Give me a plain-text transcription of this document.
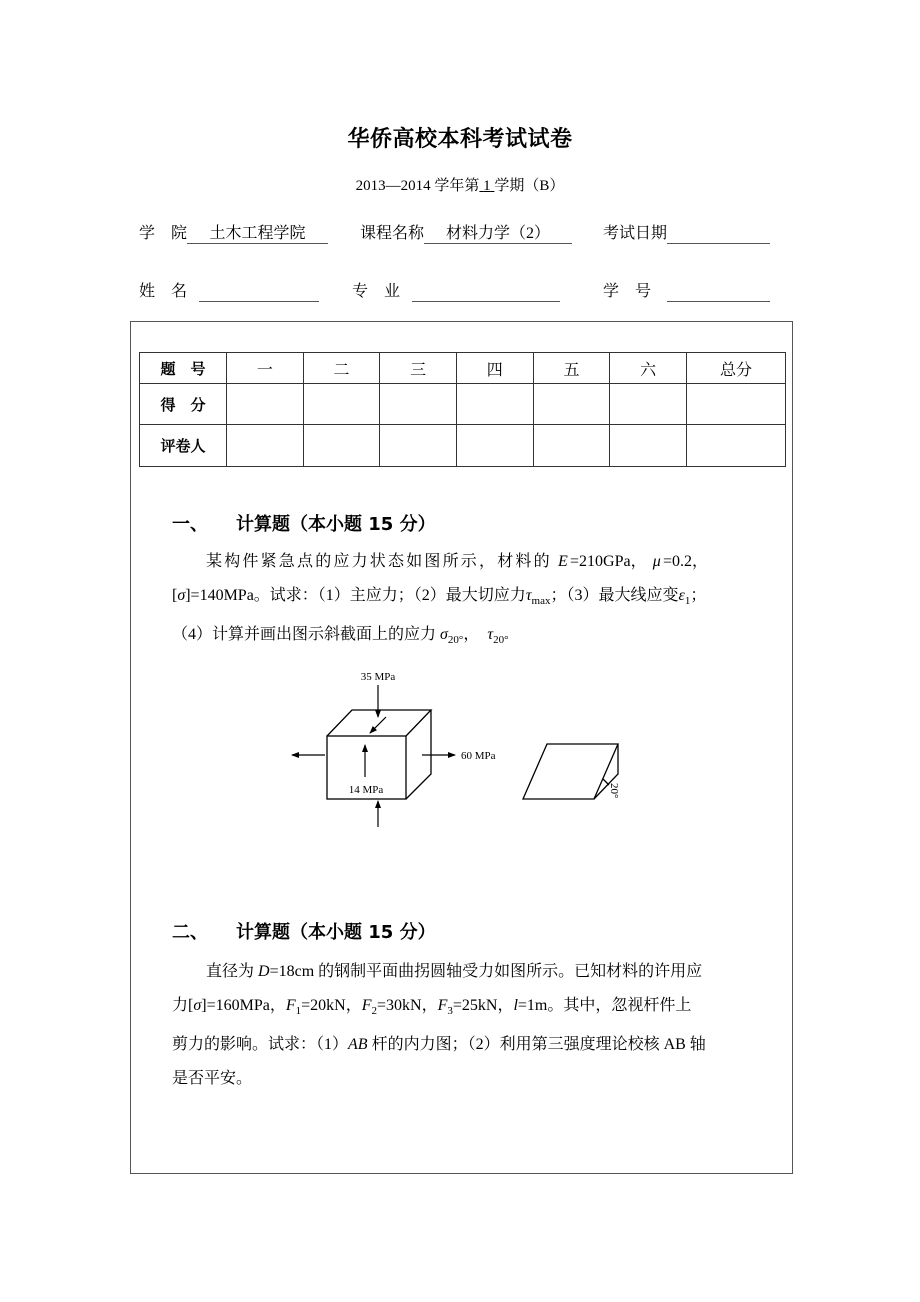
华侨高校本科考试试卷
2013—2014 学年第 1 学期（B）
学　院 土木工程学院	课程名称 材料力学（2）	考试日期
姓　名	专　业	学　号
题　号	一	二	三	四	五	六	总分
得　分							
评卷人							
一、 计算题（本小题 15 分）
某构件紧急点的应力状态如图所示，材料的 E=210GPa， μ=0.2，
[σ]=140MPa。试求：（1）主应力；（2）最大切应力$\tau_{max}$；（3）最大线应变$\varepsilon_1$；
（4）计算并画出图示斜截面上的应力 $\sigma_{20^\circ}$， $\tau_{20^\circ}$
35 MPa
60 MPa
14 MPa	20°
二、 计算题（本小题 15 分）
直径为 D=18cm 的钢制平面曲拐圆轴受力如图所示。已知材料的许用应
力[σ]=160MPa，$F_1=20kN$，$F_2=30kN$，$F_3=25kN$，l=1m。其中，忽视杆件上
剪力的影响。试求：（1）AB 杆的内力图；（2）利用第三强度理论校核 AB 轴
是否平安。
